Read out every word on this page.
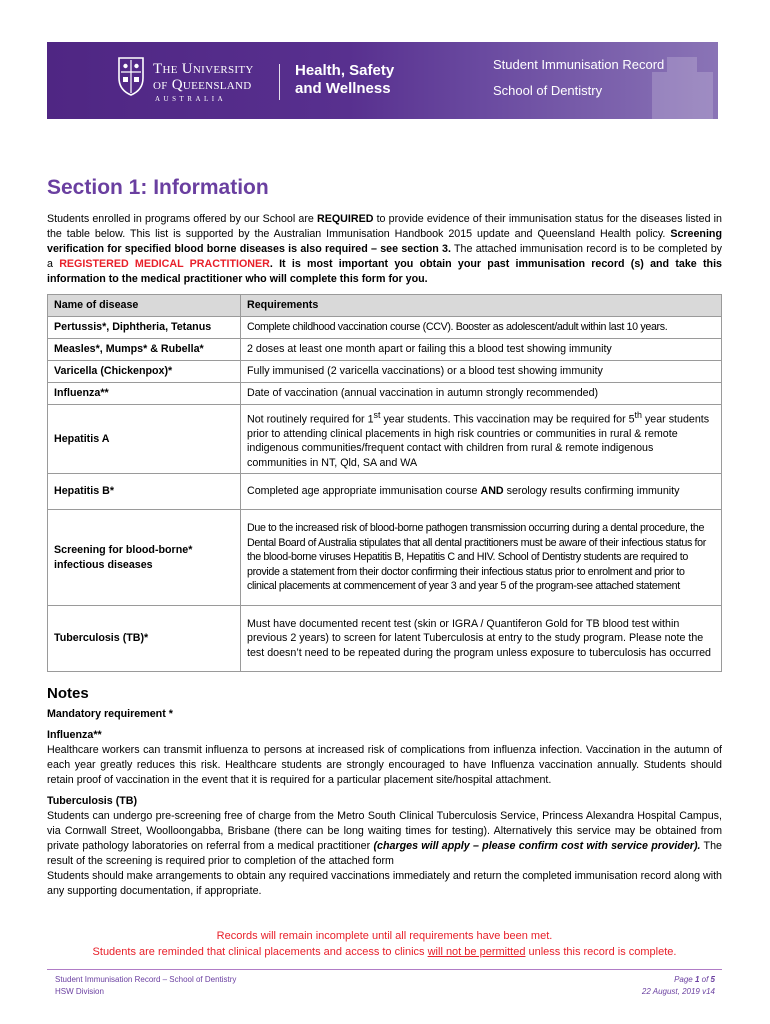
The University
of Queensland
AUSTRALIA
Health, Safety
and Wellness
Student Immunisation Record
School of Dentistry
Section 1: Information
Students enrolled in programs offered by our School are REQUIRED to provide evidence of their immunisation status for the diseases listed in the table below. This list is supported by the Australian Immunisation Handbook 2015 update and Queensland Health policy. Screening verification for specified blood borne diseases is also required – see section 3. The attached immunisation record is to be completed by a REGISTERED MEDICAL PRACTITIONER. It is most important you obtain your past immunisation record (s) and take this information to the medical practitioner who will complete this form for you.
Name of disease	Requirements
Pertussis*, Diphtheria, Tetanus	Complete childhood vaccination course (CCV). Booster as adolescent/adult within last 10 years.
Measles*, Mumps* & Rubella*	2 doses at least one month apart or failing this a blood test showing immunity
Varicella (Chickenpox)*	Fully immunised (2 varicella vaccinations) or a blood test showing immunity
Influenza**	Date of vaccination (annual vaccination in autumn strongly recommended)
Hepatitis A	Not routinely required for 1st year students. This vaccination may be required for 5th year students prior to attending clinical placements in high risk countries or communities in rural & remote indigenous communities/frequent contact with children from rural & remote indigenous communities in NT, Qld, SA and WA
Hepatitis B*	Completed age appropriate immunisation course AND serology results confirming immunity
Screening for blood-borne* infectious diseases	Due to the increased risk of blood-borne pathogen transmission occurring during a dental procedure, the Dental Board of Australia stipulates that all dental practitioners must be aware of their infectious status for the blood-borne viruses Hepatitis B, Hepatitis C and HIV. School of Dentistry students are required to provide a statement from their doctor confirming their infectious status prior to enrolment and prior to clinical placements at commencement of year 3 and year 5 of the program-see attached statement
Tuberculosis (TB)*	Must have documented recent test (skin or IGRA / Quantiferon Gold for TB blood test within previous 2 years) to screen for latent Tuberculosis at entry to the study program. Please note the test doesn’t need to be repeated during the program unless exposure to tuberculosis has occurred
Notes

Mandatory requirement *

Influenza**

Healthcare workers can transmit influenza to persons at increased risk of complications from influenza infection. Vaccination in the autumn of each year greatly reduces this risk. Healthcare students are strongly encouraged to have Influenza vaccination annually. Students should retain proof of vaccination in the event that it is required for a particular placement site/hospital attachment.

Tuberculosis (TB)

Students can undergo pre-screening free of charge from the Metro South Clinical Tuberculosis Service, Princess Alexandra Hospital Campus, via Cornwall Street, Woolloongabba, Brisbane (there can be long waiting times for testing). Alternatively this service may be obtained from private pathology laboratories on referral from a medical practitioner (charges will apply – please confirm cost with service provider). The result of the screening is required prior to completion of the attached form

Students should make arrangements to obtain any required vaccinations immediately and return the completed immunisation record along with any supporting documentation, if appropriate.

Records will remain incomplete until all requirements have been met.
Students are reminded that clinical placements and access to clinics will not be permitted unless this record is complete.
Student Immunisation Record – School of Dentistry
HSW Division
Page 1 of 5
22 August, 2019 v14
